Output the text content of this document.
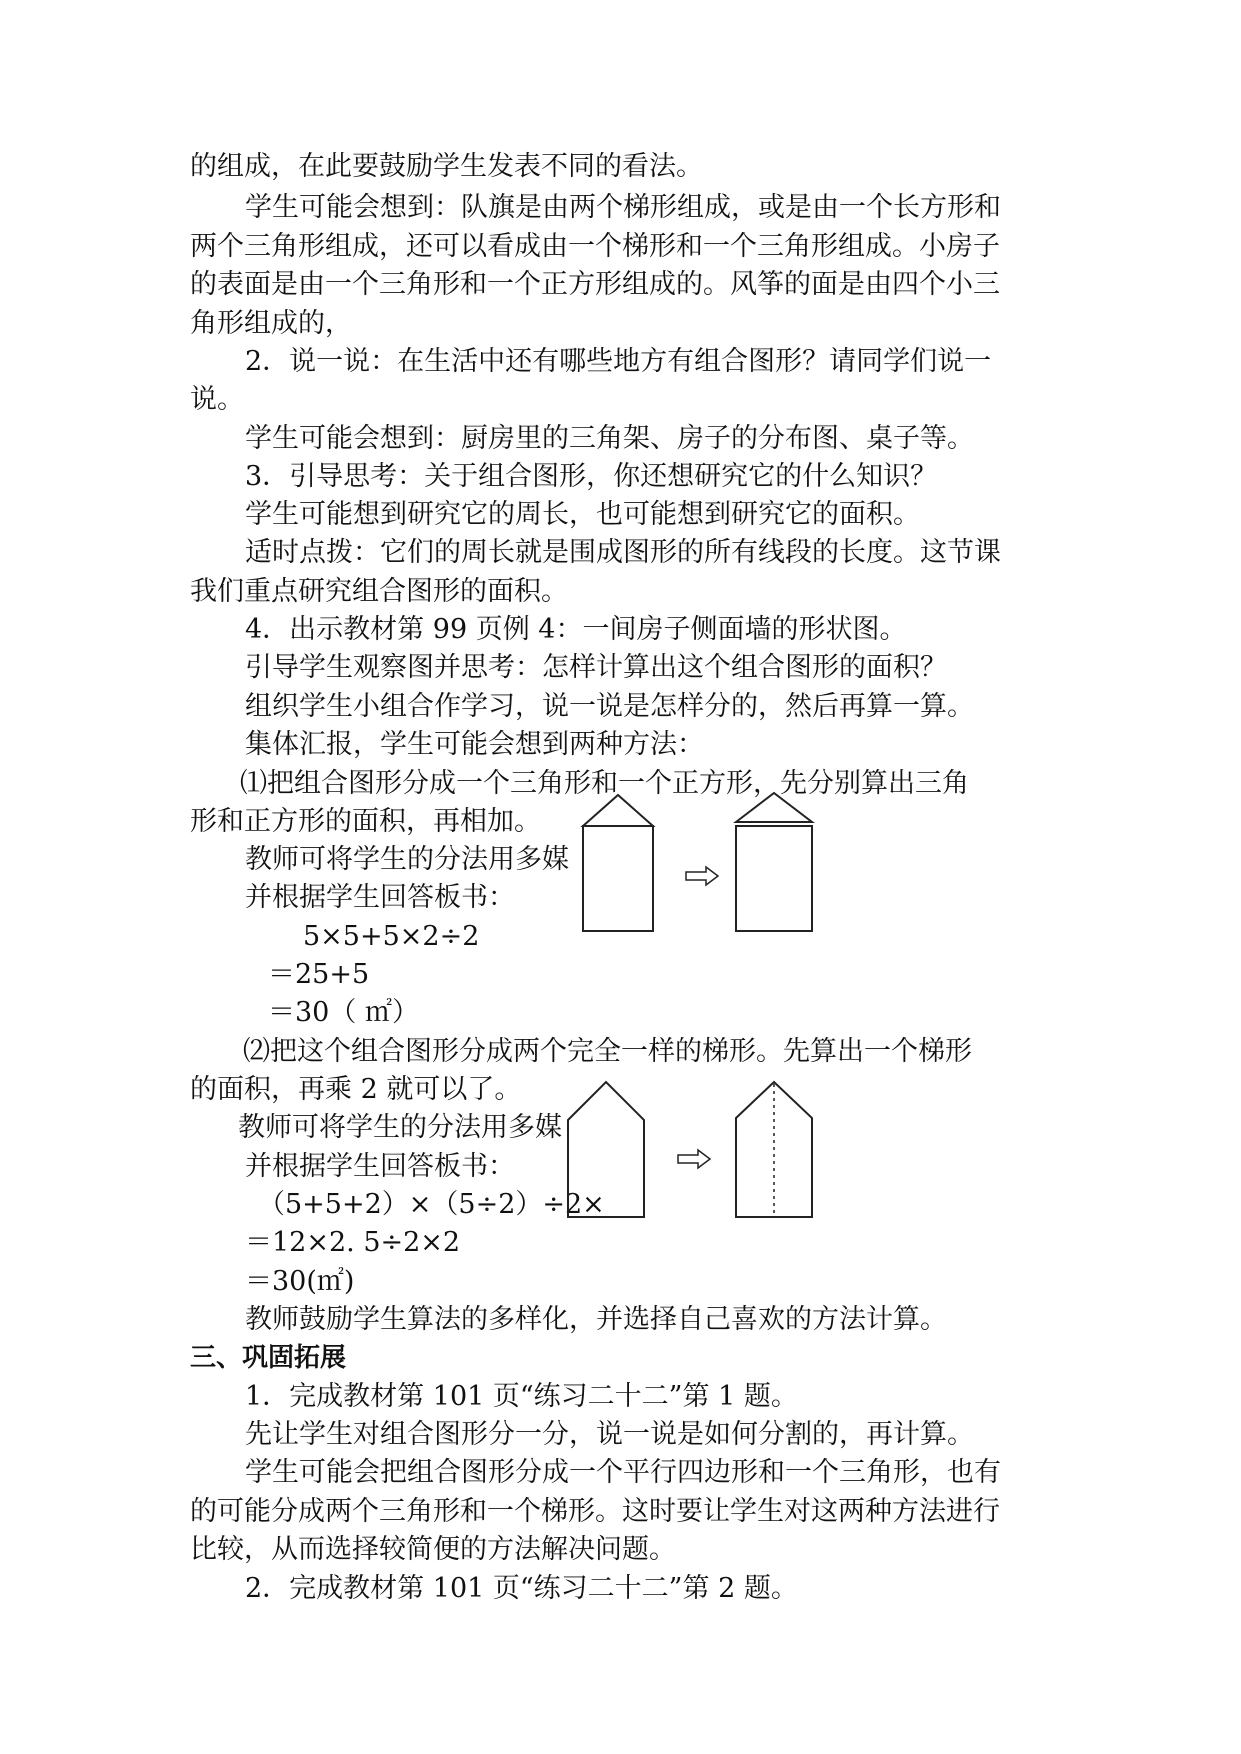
的组成，在此要鼓励学生发表不同的看法。
学生可能会想到：队旗是由两个梯形组成，或是由一个长方形和
两个三角形组成，还可以看成由一个梯形和一个三角形组成。小房子
的表面是由一个三角形和一个正方形组成的。风筝的面是由四个小三
角形组成的，
2．说一说：在生活中还有哪些地方有组合图形？请同学们说一
说。
学生可能会想到：厨房里的三角架、房子的分布图、桌子等。
3．引导思考：关于组合图形，你还想研究它的什么知识？
学生可能想到研究它的周长，也可能想到研究它的面积。
适时点拨：它们的周长就是围成图形的所有线段的长度。这节课
我们重点研究组合图形的面积。
4．出示教材第 99 页例 4：一间房子侧面墙的形状图。
引导学生观察图并思考：怎样计算出这个组合图形的面积？
组织学生小组合作学习，说一说是怎样分的，然后再算一算。
集体汇报，学生可能会想到两种方法：
⑴把组合图形分成一个三角形和一个正方形，先分别算出三角
形和正方形的面积，再相加。
教师可将学生的分法用多媒
并根据学生回答板书：
5×5+5×2÷2
＝25+5
＝30（ ㎡）
⑵把这个组合图形分成两个完全一样的梯形。先算出一个梯形
的面积，再乘 2 就可以了。
教师可将学生的分法用多媒
并根据学生回答板书：
（5+5+2）×（5÷2）÷2×
＝12×2. 5÷2×2
＝30(㎡)
教师鼓励学生算法的多样化，并选择自己喜欢的方法计算。
三、巩固拓展
1．完成教材第 101 页“练习二十二”第 1 题。
先让学生对组合图形分一分，说一说是如何分割的，再计算。
学生可能会把组合图形分成一个平行四边形和一个三角形，也有
的可能分成两个三角形和一个梯形。这时要让学生对这两种方法进行
比较，从而选择较简便的方法解决问题。
2．完成教材第 101 页“练习二十二”第 2 题。
